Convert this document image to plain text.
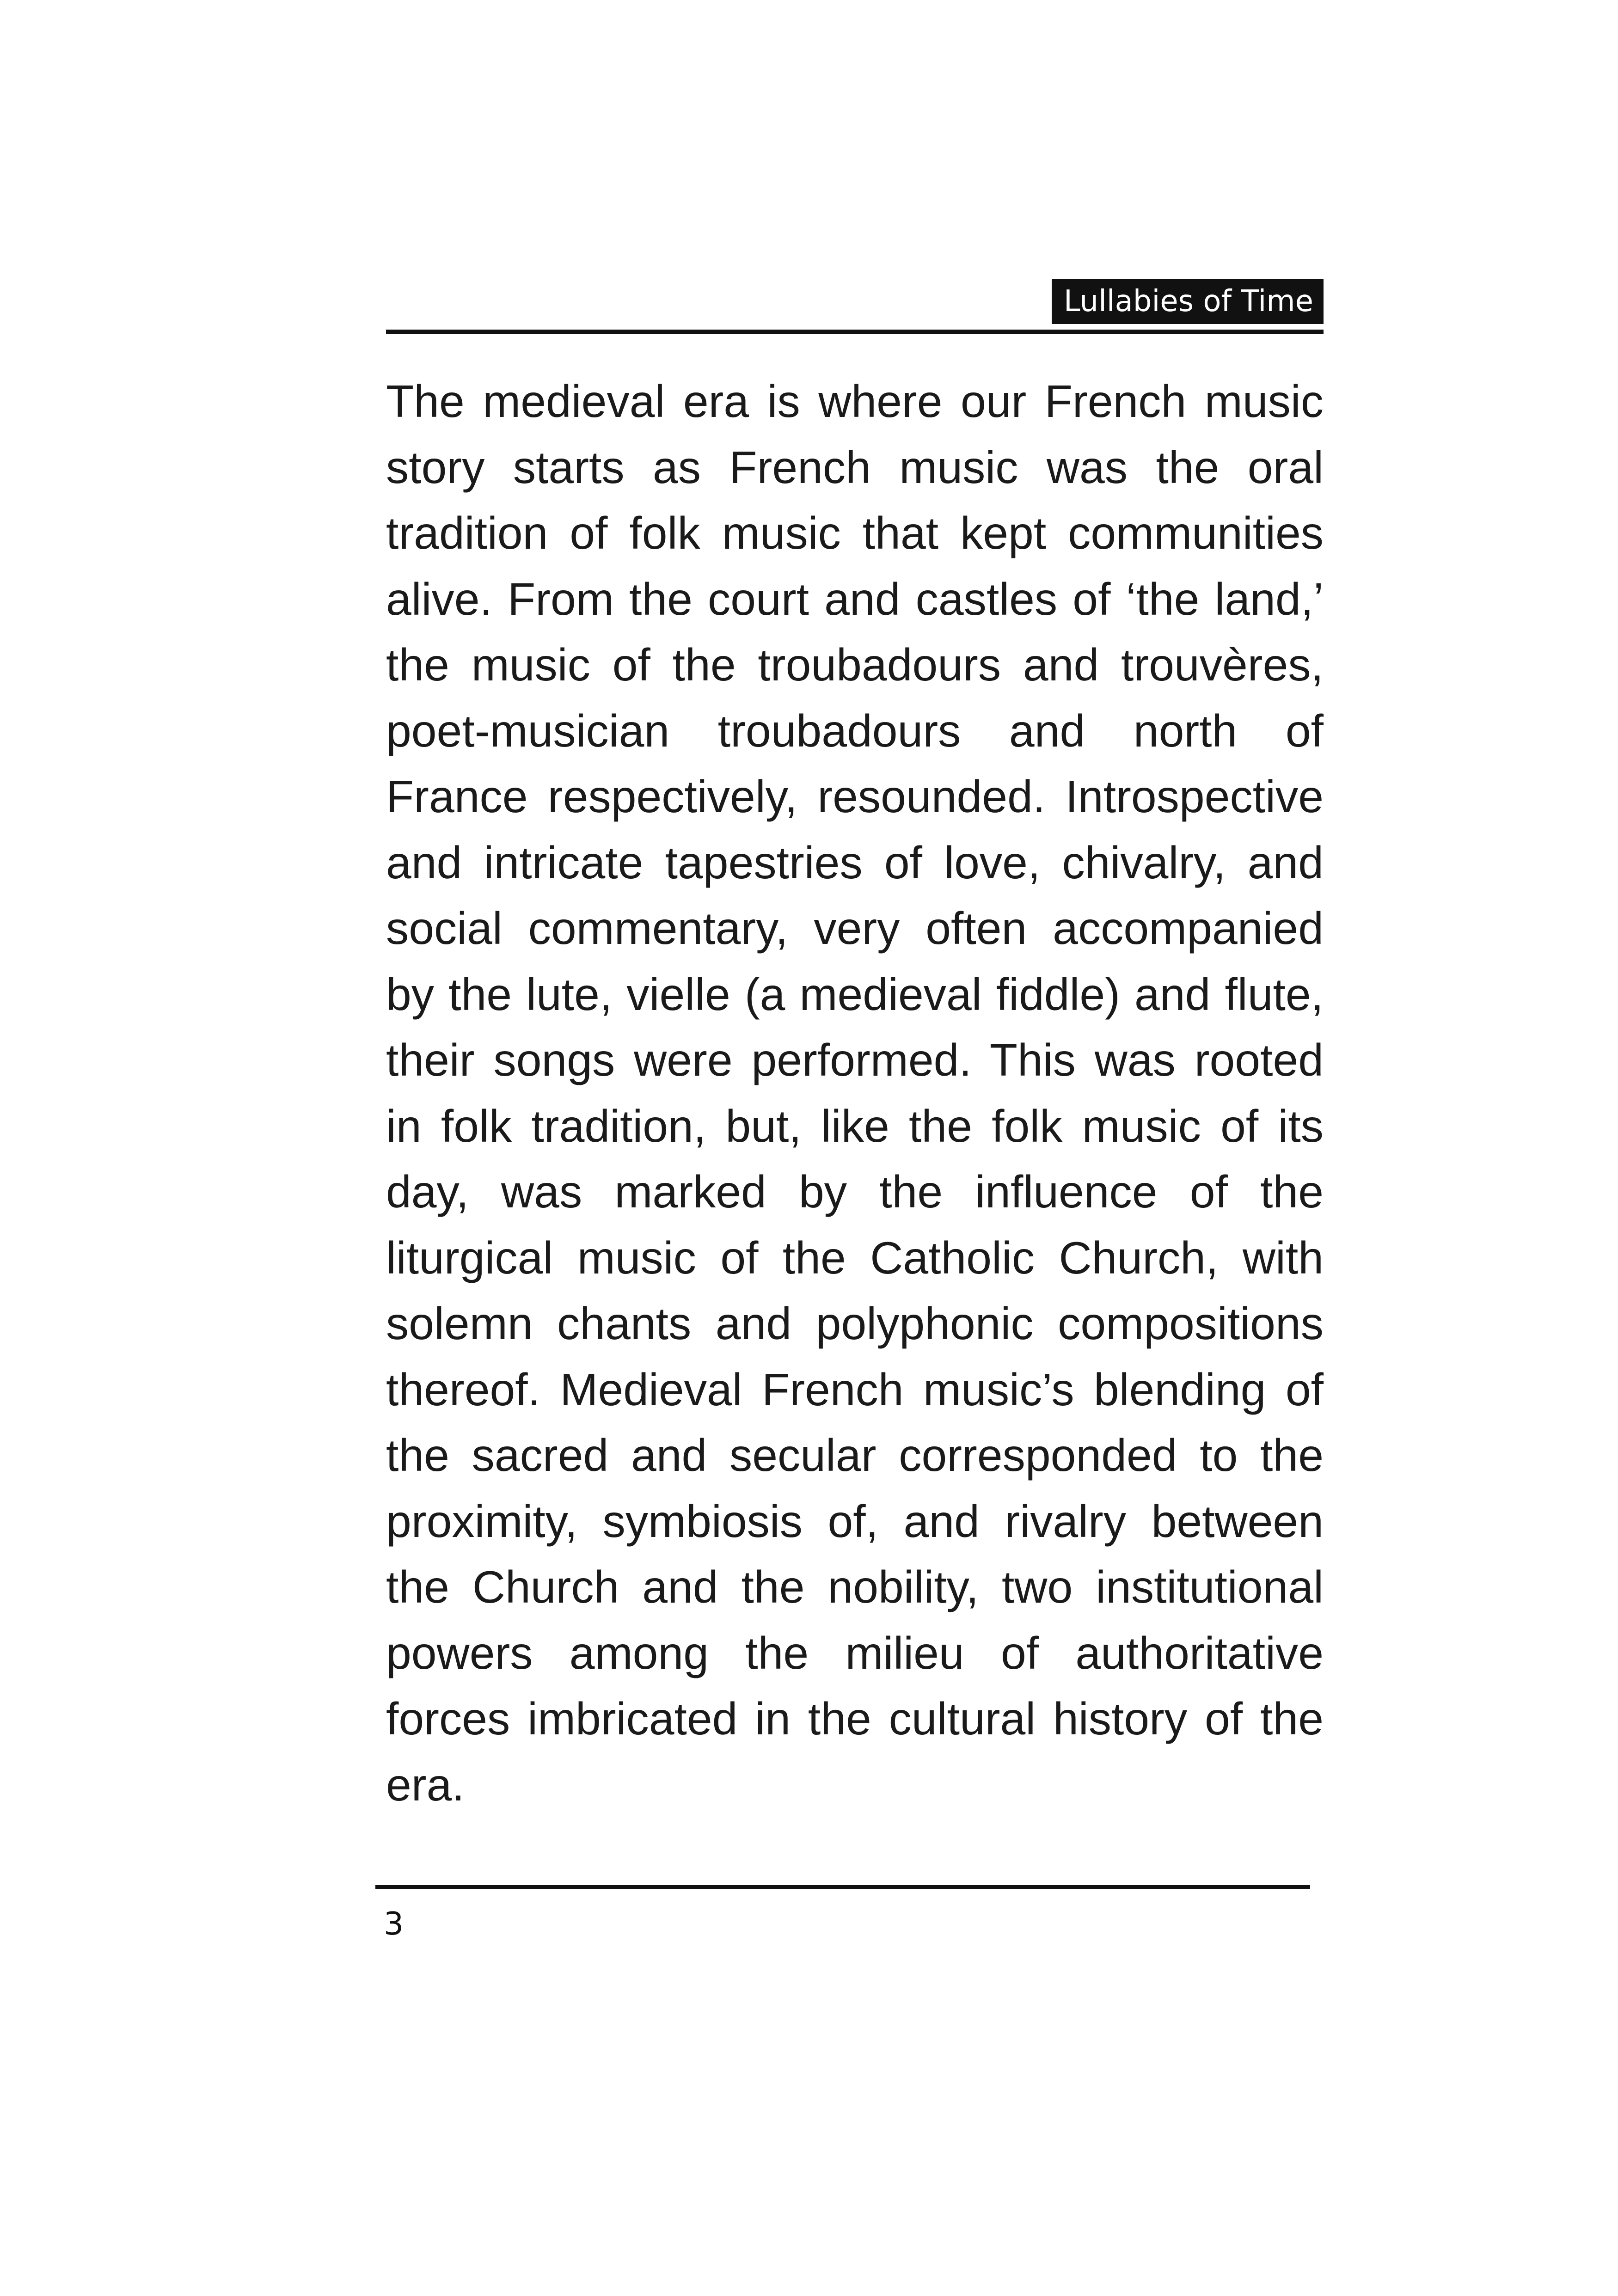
Lullabies of Time

The medieval era is where our French music story starts as French music was the oral tradition of folk music that kept communities alive. From the court and castles of ‘the land,’ the music of the troubadours and trouvères, poet-musician troubadours and north of France respectively, resounded. Introspective and intricate tapestries of love, chivalry, and social commentary, very often accompanied by the lute, vielle (a medieval fiddle) and flute, their songs were performed. This was rooted in folk tradition, but, like the folk music of its day, was marked by the influence of the liturgical music of the Catholic Church, with solemn chants and polyphonic compositions thereof. Medieval French music’s blending of the sacred and secular corresponded to the proximity, symbiosis of, and rivalry between the Church and the nobility, two institutional powers among the milieu of authoritative forces imbricated in the cultural history of the era.

3
